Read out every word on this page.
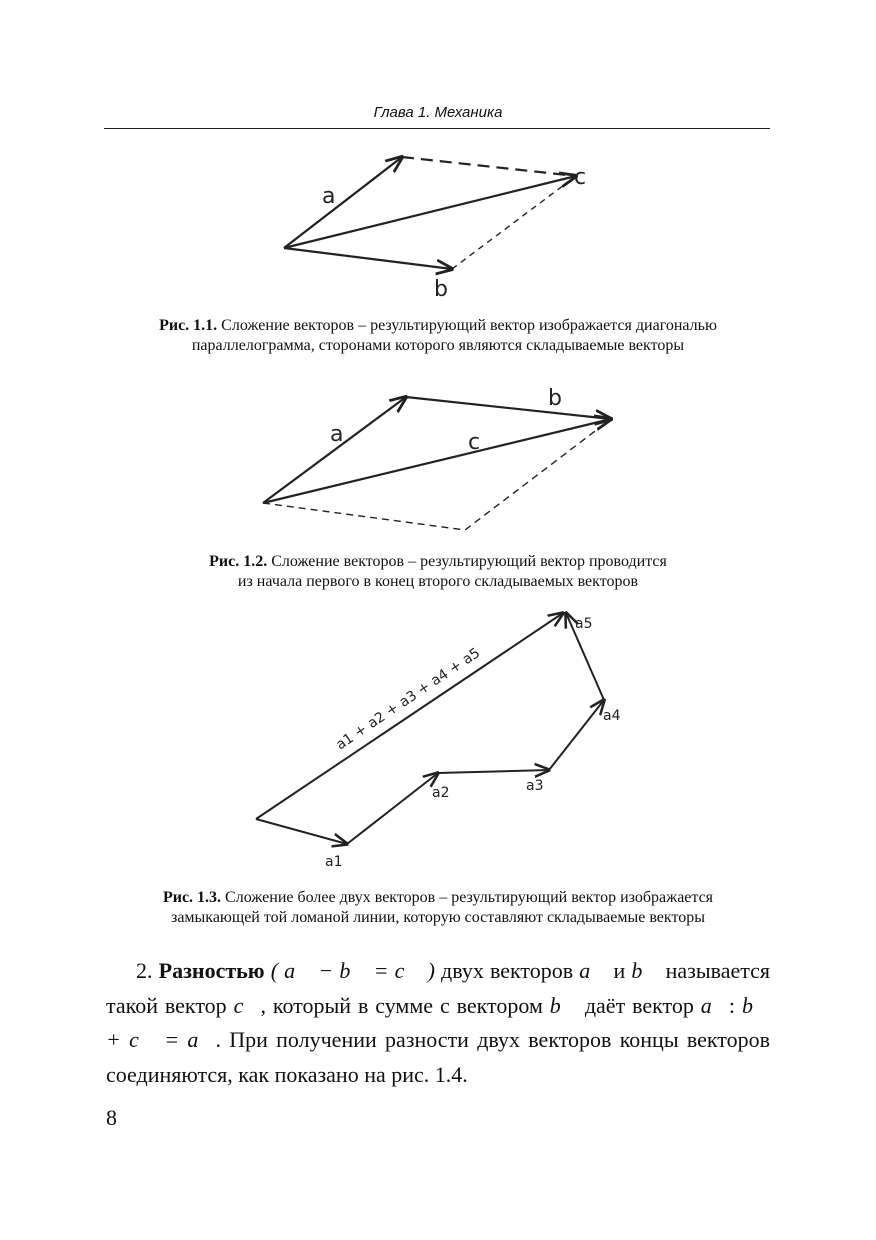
Глава 1. Механика
a
b
c
a
b
c
a1
a2	a3
a4
a5
a1 + a2 + a3 + a4 + a5
Рис. 1.1. Сложение векторов – результирующий вектор изображается диагональю параллелограмма, сторонами которого являются складываемые векторы
Рис. 1.2. Сложение векторов – результирующий вектор проводится
из начала первого в конец второго складываемых векторов
Рис. 1.3. Сложение более двух векторов – результирующий вектор изображается
замыкающей той ломаной линии, которую составляют складываемые векторы
2. Разностью ( a⃗ − b⃗ = c⃗ ) двух векторов a⃗ и b⃗ называется такой вектор c⃗, который в сумме с вектором b⃗ даёт вектор a⃗: b⃗ + c⃗ = a⃗. При получении разности двух векторов концы векторов соединяются, как показано на рис. 1.4.
8
